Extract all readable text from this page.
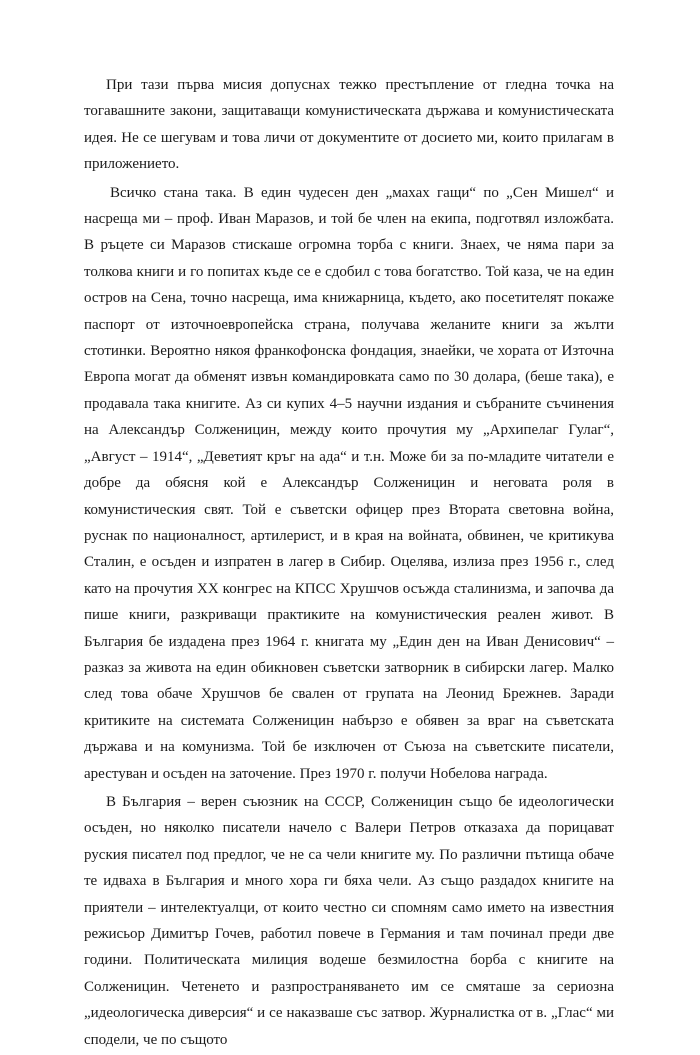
При тази първа мисия допуснах тежко престъпление от гледна точка на тогавашните закони, защитаващи комунистическата държава и комунистическата идея. Не се шегувам и това личи от документите от досието ми, които прилагам в приложението.

Всичко стана така. В един чудесен ден „махах гащи“ по „Сен Мишел“ и насреща ми – проф. Иван Маразов, и той бе член на екипа, подготвял изложбата. В ръцете си Маразов стискаше огромна торба с книги. Знаех, че няма пари за толкова книги и го попитах къде се е сдобил с това богатство. Той каза, че на един остров на Сена, точно насреща, има книжарница, където, ако посетителят покаже паспорт от източноевропейска страна, получава желаните книги за жълти стотинки. Вероятно някоя франкофонска фондация, знаейки, че хората от Източна Европа могат да обменят извън командировката само по 30 долара, (беше така), е продавала така книгите. Аз си купих 4–5 научни издания и събраните съчинения на Александър Солженицин, между които прочутия му „Архипелаг Гулаг“, „Август – 1914“, „Деветият кръг на ада“ и т.н. Може би за по-младите читатели е добре да обясня кой е Александър Солженицин и неговата роля в комунистическия свят. Той е съветски офицер през Втората световна война, руснак по националност, артилерист, и в края на войната, обвинен, че критикува Сталин, е осъден и изпратен в лагер в Сибир. Оцелява, излиза през 1956 г., след като на прочутия XX конгрес на КПСС Хрушчов осъжда сталинизма, и започва да пише книги, разкриващи практиките на комунистическия реален живот. В България бе издадена през 1964 г. книгата му „Един ден на Иван Денисович“ – разказ за живота на един обикновен съветски затворник в сибирски лагер. Малко след това обаче Хрушчов бе свален от групата на Леонид Брежнев. Заради критиките на системата Солженицин набързо е обявен за враг на съветската държава и на комунизма. Той бе изключен от Съюза на съветските писатели, арестуван и осъден на заточение. През 1970 г. получи Нобелова награда.

В България – верен съюзник на СССР, Солженицин също бе идеологически осъден, но няколко писатели начело с Валери Петров отказаха да порицават руския писател под предлог, че не са чели книгите му. По различни пътища обаче те идваха в България и много хора ги бяха чели. Аз също раздадох книгите на приятели – интелектуалци, от които честно си спомням само името на известния режисьор Димитър Гочев, работил повече в Германия и там починал преди две години. Политическата милиция водеше безмилостна борба с книгите на Солженицин. Четенето и разпространяването им се смяташе за сериозна „идеологическа диверсия“ и се наказваше със затвор. Журналистка от в. „Глас“ ми сподели, че по същото
